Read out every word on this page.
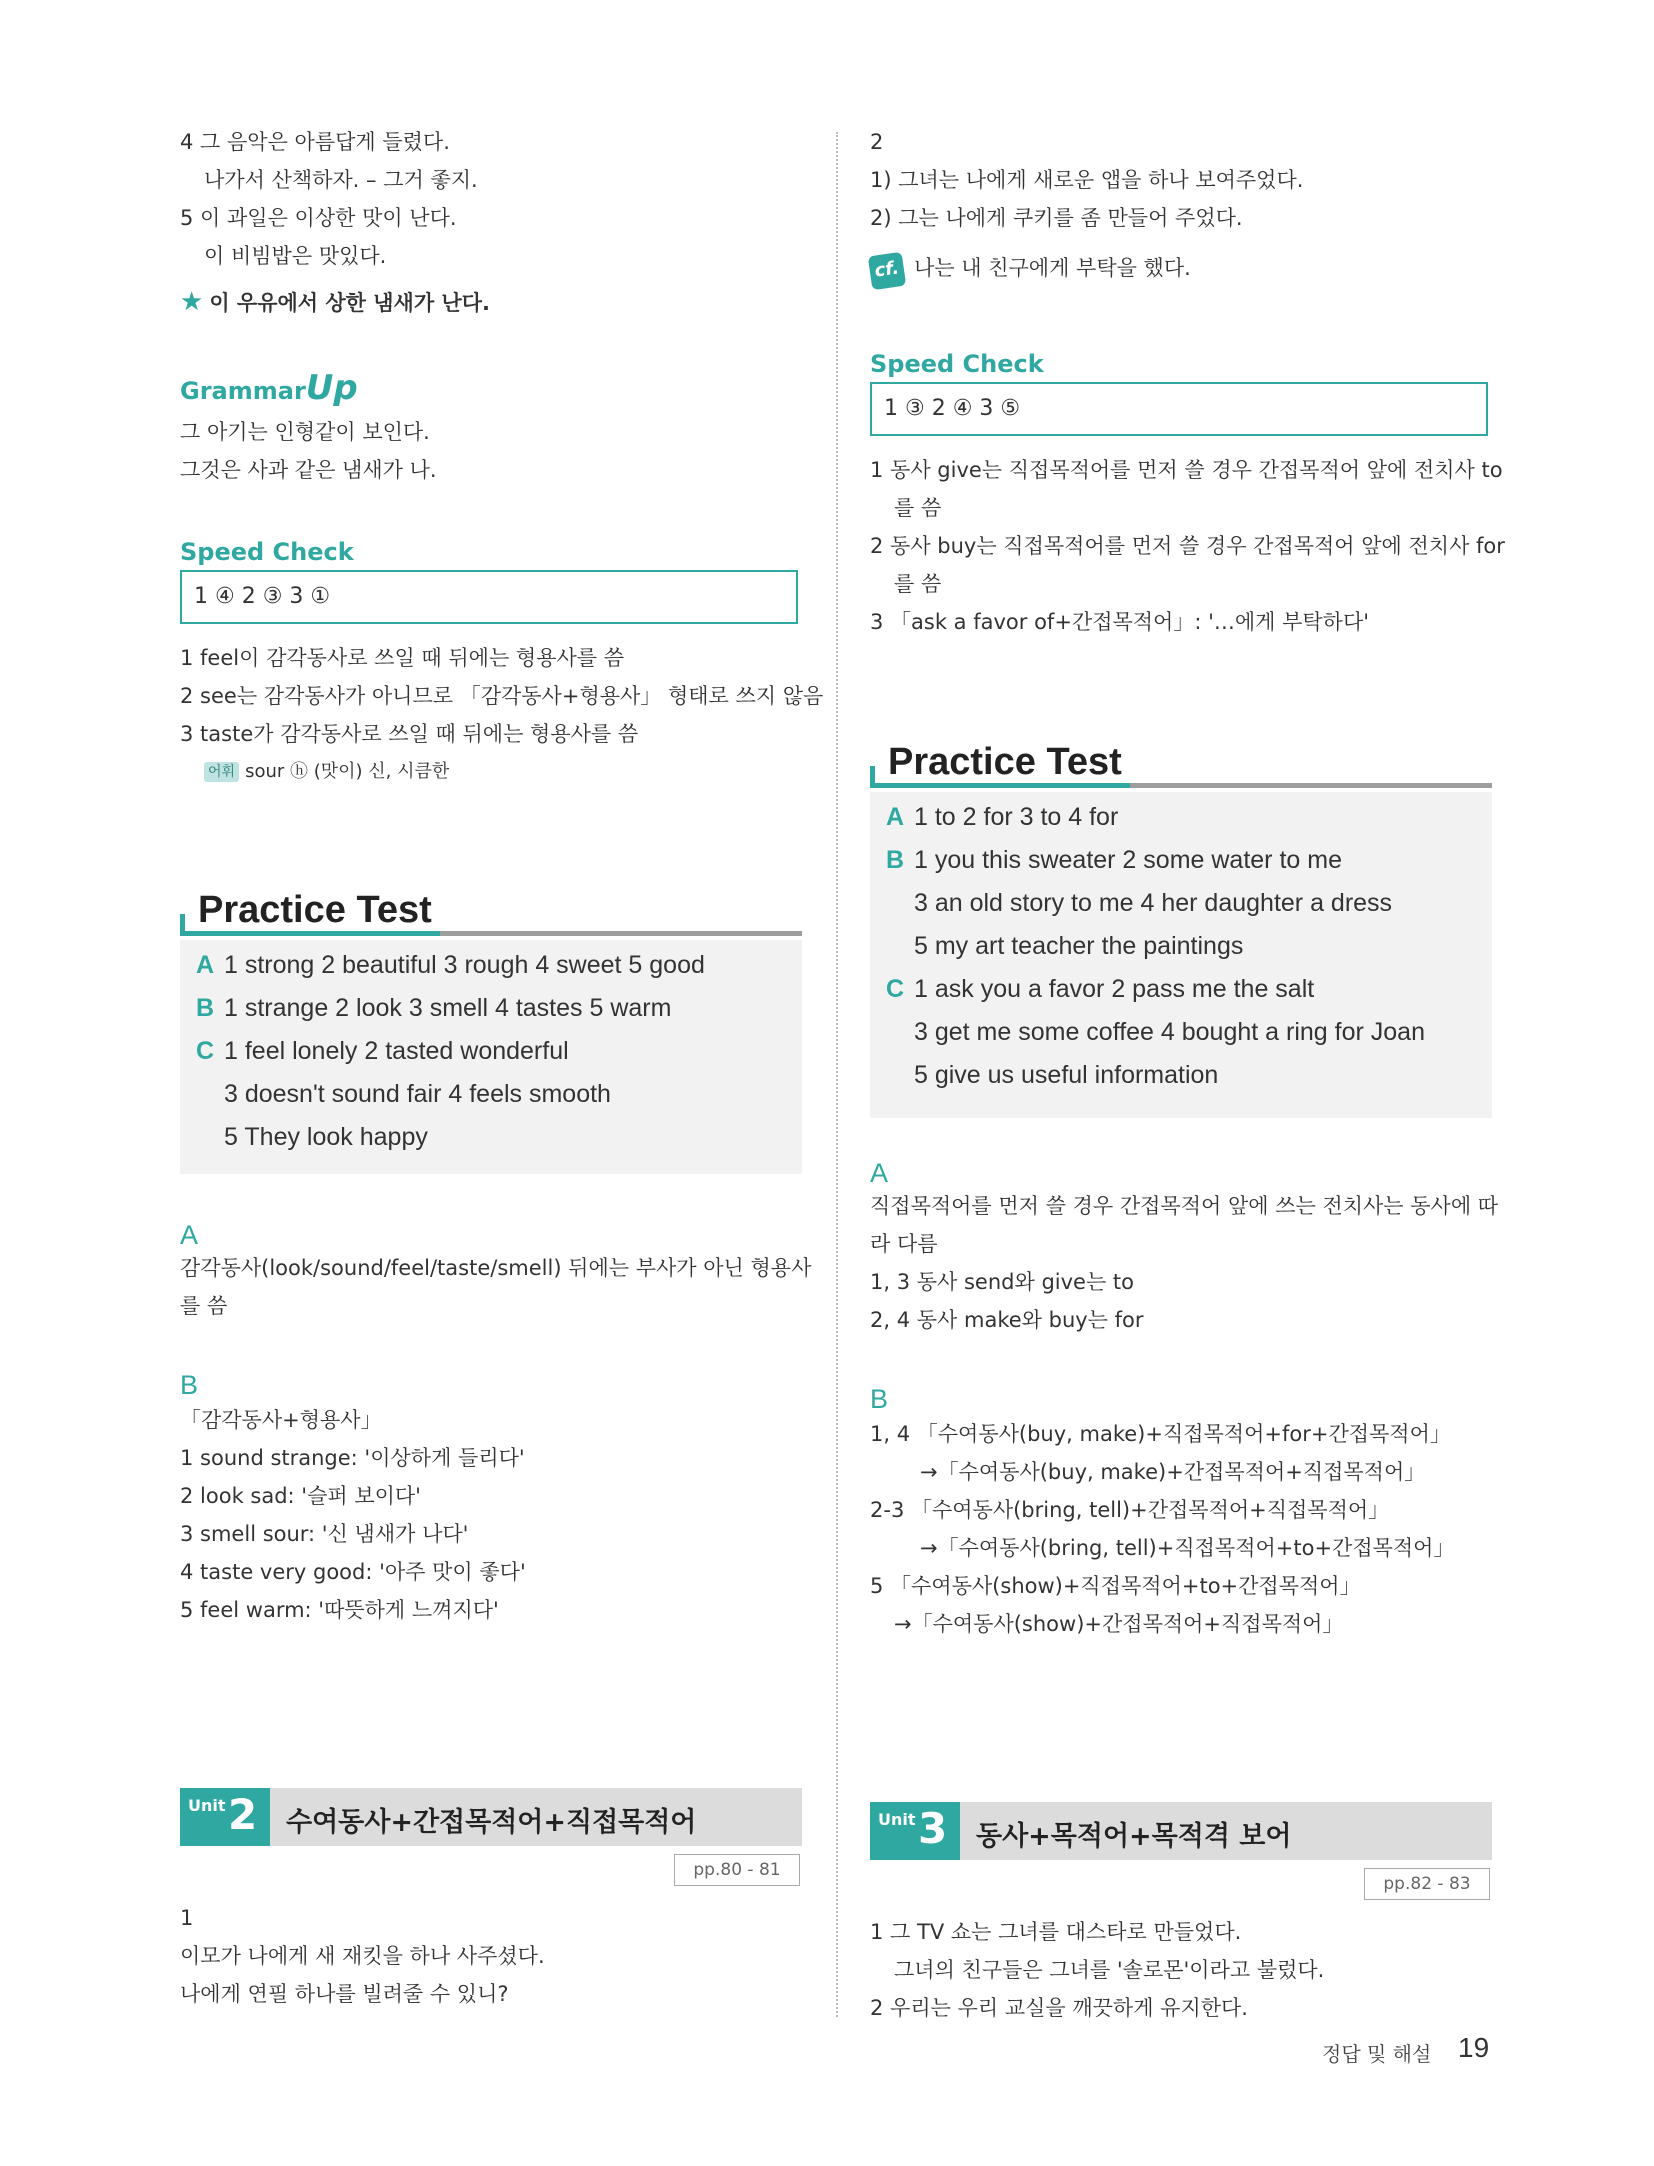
4 그 음악은 아름답게 들렸다.
나가서 산책하자. – 그거 좋지.
5 이 과일은 이상한 맛이 난다.
이 비빔밥은 맛있다.
★ 이 우유에서 상한 냄새가 난다.
GrammarUp
그 아기는 인형같이 보인다.
그것은 사과 같은 냄새가 나.
Speed Check
1 ④ 2 ③ 3 ①
1 feel이 감각동사로 쓰일 때 뒤에는 형용사를 씀
2 see는 감각동사가 아니므로 「감각동사+형용사」 형태로 쓰지 않음
3 taste가 감각동사로 쓰일 때 뒤에는 형용사를 씀
어휘 sour ⓗ (맛이) 신, 시큼한
Practice Test
A 1 strong 2 beautiful 3 rough 4 sweet 5 good
B 1 strange 2 look 3 smell 4 tastes 5 warm
C 1 feel lonely 2 tasted wonderful
3 doesn't sound fair 4 feels smooth
5 They look happy
A
감각동사(look/sound/feel/taste/smell) 뒤에는 부사가 아닌 형용사
를 씀
B
「감각동사+형용사」
1 sound strange: '이상하게 들리다'
2 look sad: '슬퍼 보이다'
3 smell sour: '신 냄새가 나다'
4 taste very good: '아주 맛이 좋다'
5 feel warm: '따뜻하게 느껴지다'
Unit 2 수여동사+간접목적어+직접목적어
pp.80 - 81
1
이모가 나에게 새 재킷을 하나 사주셨다.
나에게 연필 하나를 빌려줄 수 있니?
2
1) 그녀는 나에게 새로운 앱을 하나 보여주었다.
2) 그는 나에게 쿠키를 좀 만들어 주었다.
cf. 나는 내 친구에게 부탁을 했다.
Speed Check
1 ③ 2 ④ 3 ⑤
1 동사 give는 직접목적어를 먼저 쓸 경우 간접목적어 앞에 전치사 to
를 씀
2 동사 buy는 직접목적어를 먼저 쓸 경우 간접목적어 앞에 전치사 for
를 씀
3 「ask a favor of+간접목적어」: '…에게 부탁하다'
Practice Test
A 1 to 2 for 3 to 4 for
B 1 you this sweater 2 some water to me
3 an old story to me 4 her daughter a dress
5 my art teacher the paintings
C 1 ask you a favor 2 pass me the salt
3 get me some coffee 4 bought a ring for Joan
5 give us useful information
A
직접목적어를 먼저 쓸 경우 간접목적어 앞에 쓰는 전치사는 동사에 따
라 다름
1, 3 동사 send와 give는 to
2, 4 동사 make와 buy는 for
B
1, 4 「수여동사(buy, make)+직접목적어+for+간접목적어」
→「수여동사(buy, make)+간접목적어+직접목적어」
2-3 「수여동사(bring, tell)+간접목적어+직접목적어」
→「수여동사(bring, tell)+직접목적어+to+간접목적어」
5 「수여동사(show)+직접목적어+to+간접목적어」
→「수여동사(show)+간접목적어+직접목적어」
Unit 3 동사+목적어+목적격 보어
pp.82 - 83
1 그 TV 쇼는 그녀를 대스타로 만들었다.
그녀의 친구들은 그녀를 '솔로몬'이라고 불렀다.
2 우리는 우리 교실을 깨끗하게 유지한다.
정답 및 해설 19
